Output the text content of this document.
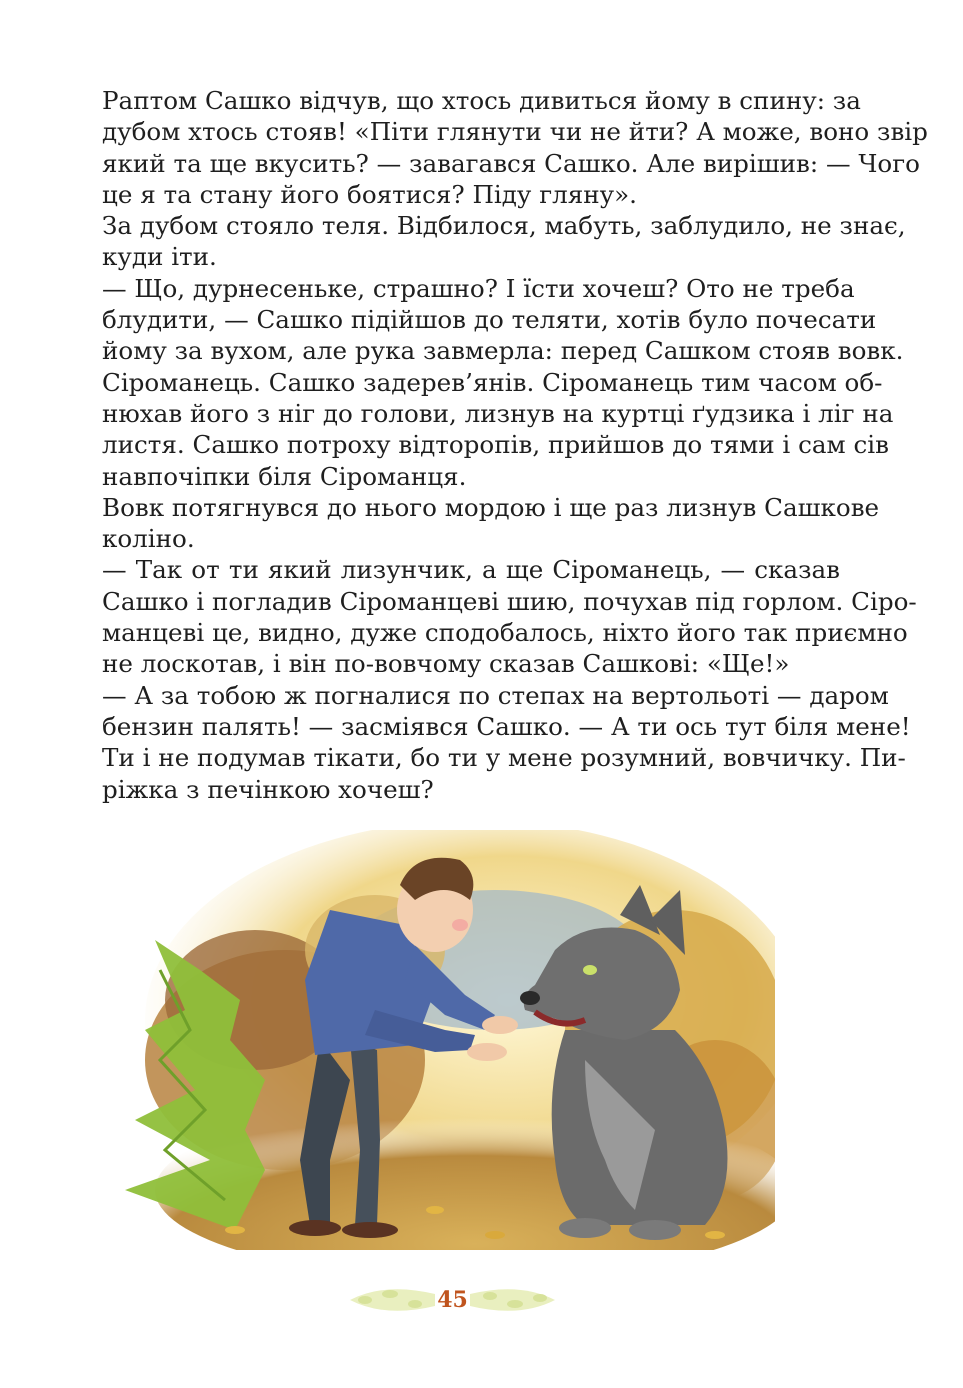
Раптом Сашко відчув, що хтось дивиться йому в спину: за
дубом хтось стояв! «Піти глянути чи не йти? А може, воно звір
який та ще вкусить? — завагався Сашко. Але вирішив: — Чого
це я та стану його боятися? Піду гляну».
За дубом стояло теля. Відбилося, мабуть, заблудило, не знає,
куди іти.
— Що, дурнесенькe, страшно? І їсти хочеш? Ото не треба
блудити, — Сашко підійшов до теляти, хотів було почесати
йому за вухом, але рука завмерла: перед Сашком стояв вовк.
Сіроманець. Сашко задерев’янів. Сіроманець тим часом об-
нюхав його з ніг до голови, лизнув на куртці ґудзика і ліг на
листя. Сашко потроху відторопів, прийшов до тями і сам сів
навпочіпки біля Сіроманця.
Вовк потягнувся до нього мордою і ще раз лизнув Сашкове
коліно.
— Так от ти який лизунчик, а ще Сіроманець, — сказав
Сашко і погладив Сіроманцеві шию, почухав під горлом. Сіро-
манцеві це, видно, дуже сподобалось, ніхто його так приємно
не лоскотав, і він по-вовчому сказав Сашкові: «Ще!»
— А за тобою ж погналися по степах на вертольоті — даром
бензин палять! — засміявся Сашко. — А ти ось тут біля мене!
Ти і не подумав тікати, бо ти у мене розумний, вовчичку. Пи-
ріжка з печінкою хочеш?
45
